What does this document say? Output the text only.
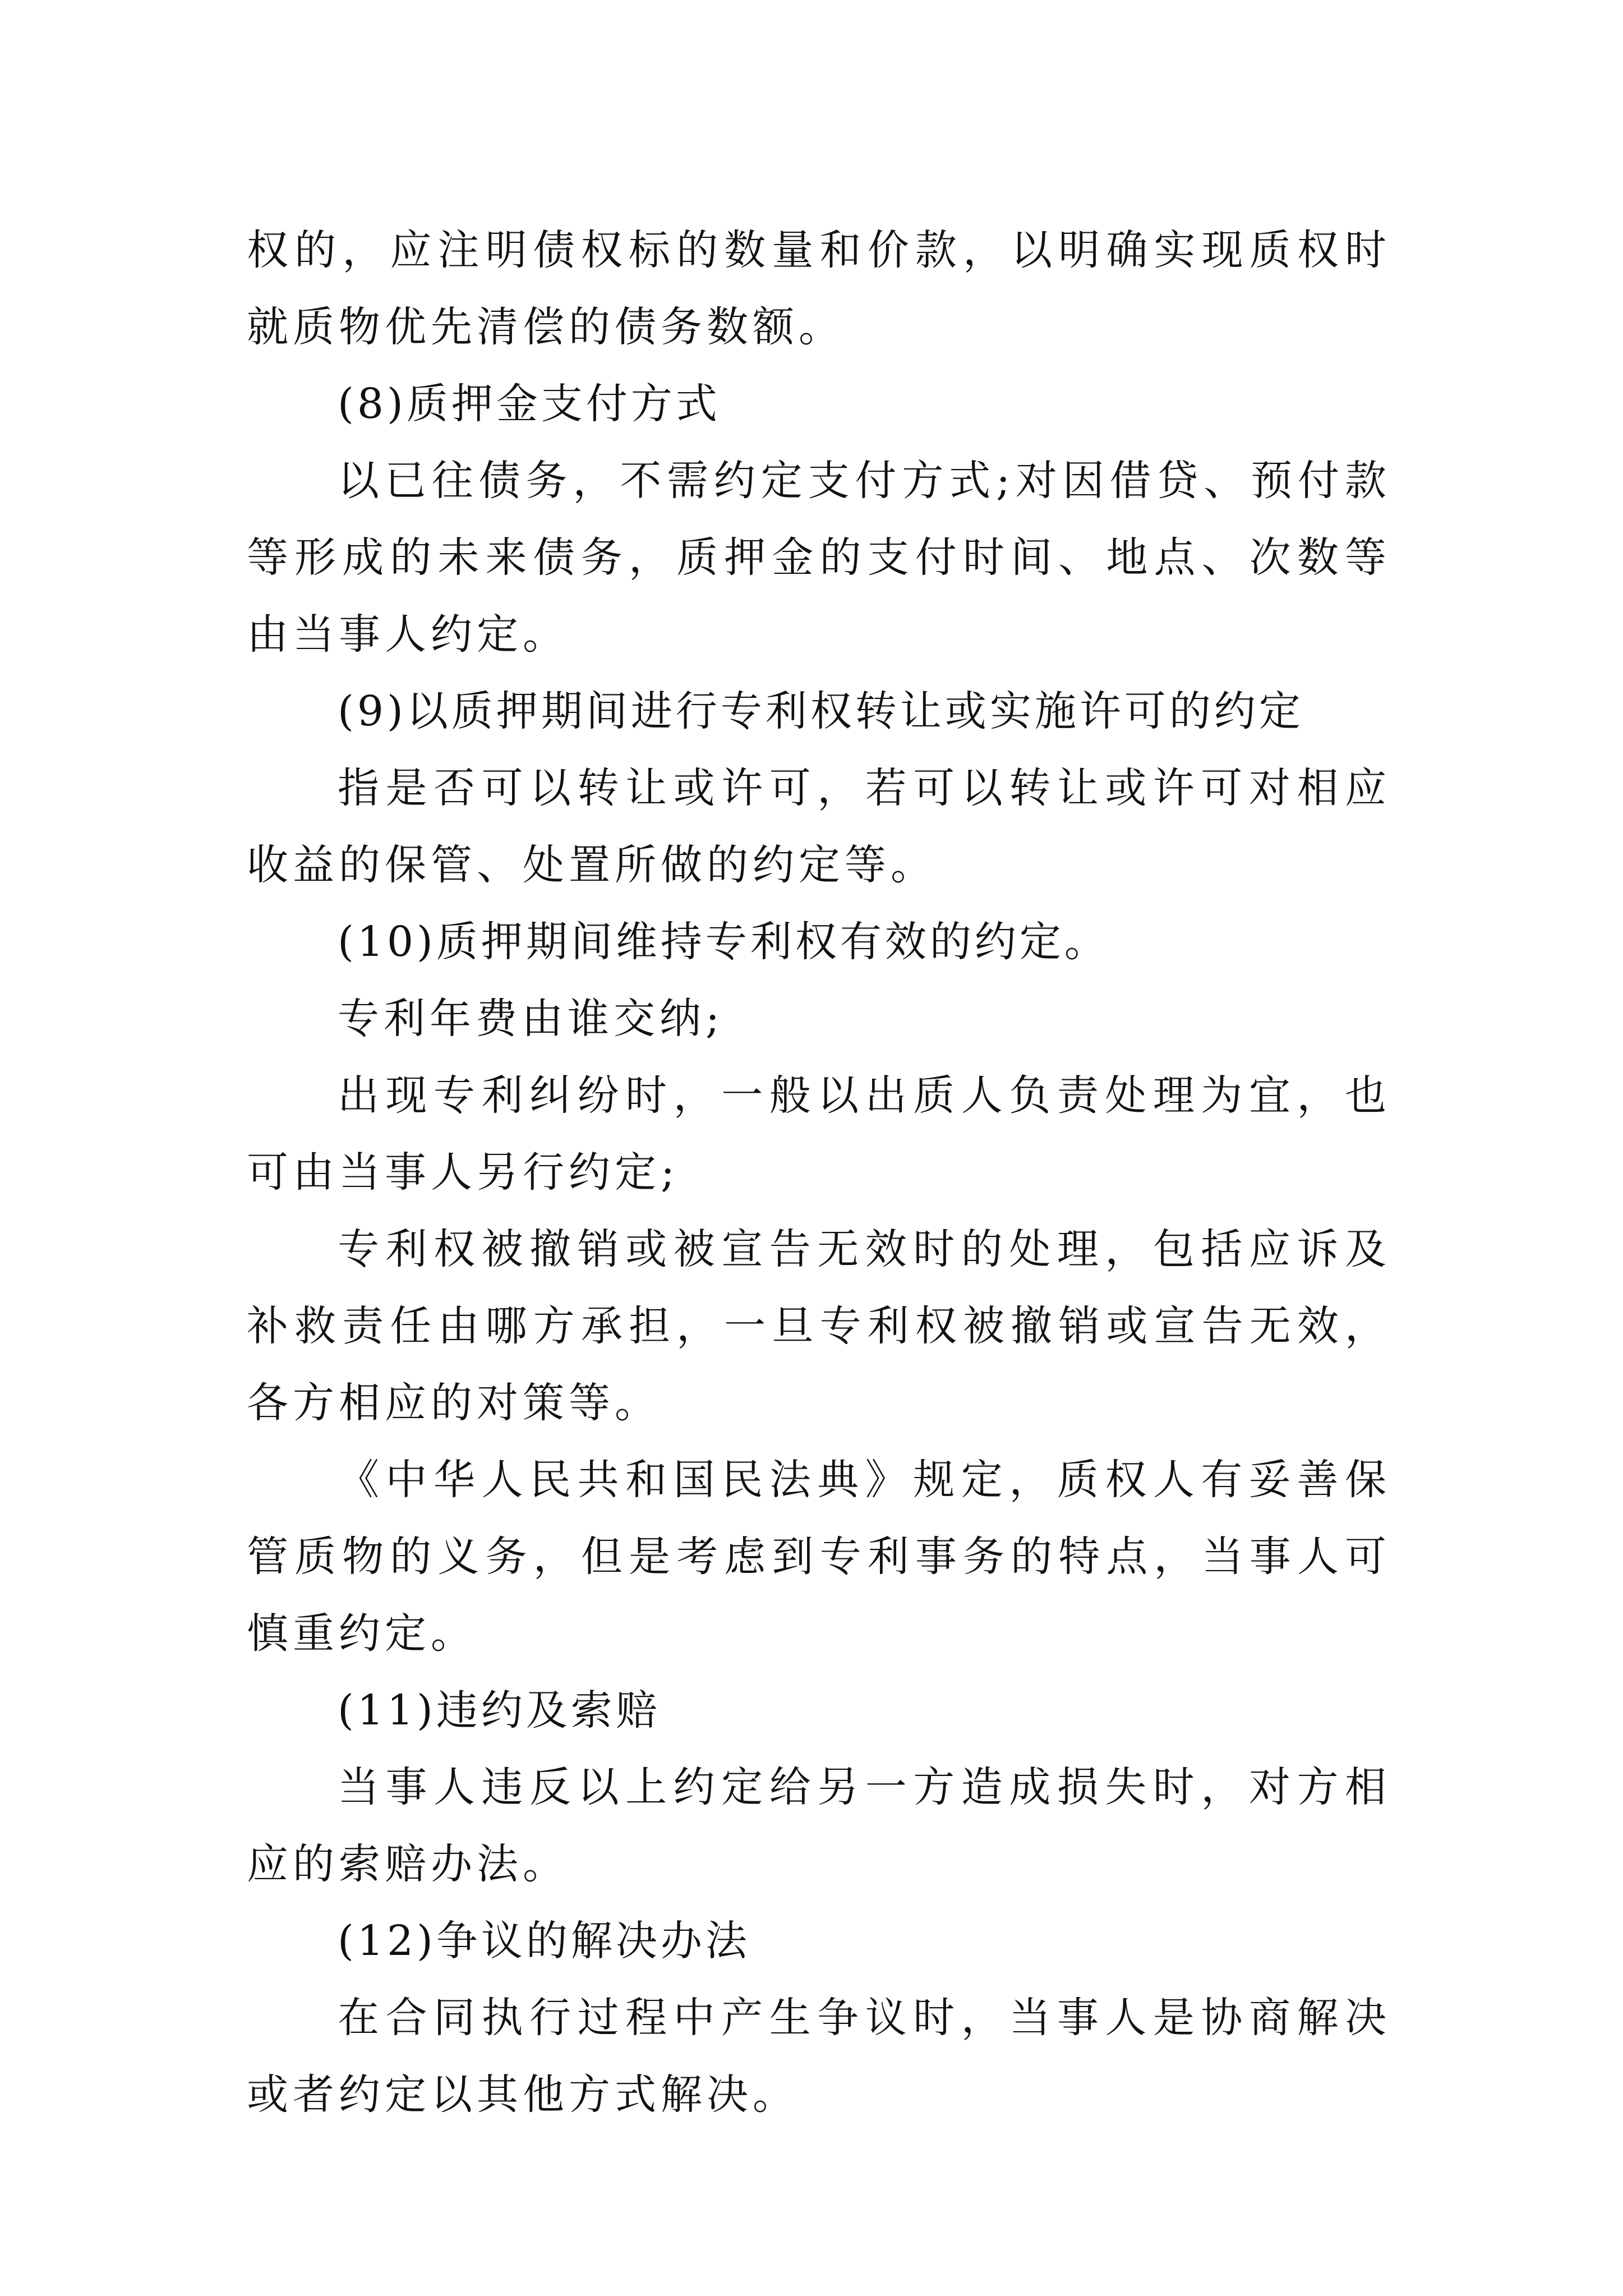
权的，应注明债权标的数量和价款，以明确实现质权时就质物优先清偿的债务数额。

(8)质押金支付方式

以已往债务，不需约定支付方式;对因借贷、预付款等形成的未来债务，质押金的支付时间、地点、次数等由当事人约定。

(9)以质押期间进行专利权转让或实施许可的约定

指是否可以转让或许可，若可以转让或许可对相应收益的保管、处置所做的约定等。

(10)质押期间维持专利权有效的约定。

专利年费由谁交纳;

出现专利纠纷时，一般以出质人负责处理为宜，也可由当事人另行约定;

专利权被撤销或被宣告无效时的处理，包括应诉及补救责任由哪方承担，一旦专利权被撤销或宣告无效，各方相应的对策等。

《中华人民共和国民法典》规定，质权人有妥善保管质物的义务，但是考虑到专利事务的特点，当事人可慎重约定。

(11)违约及索赔

当事人违反以上约定给另一方造成损失时，对方相应的索赔办法。

(12)争议的解决办法

在合同执行过程中产生争议时，当事人是协商解决或者约定以其他方式解决。
